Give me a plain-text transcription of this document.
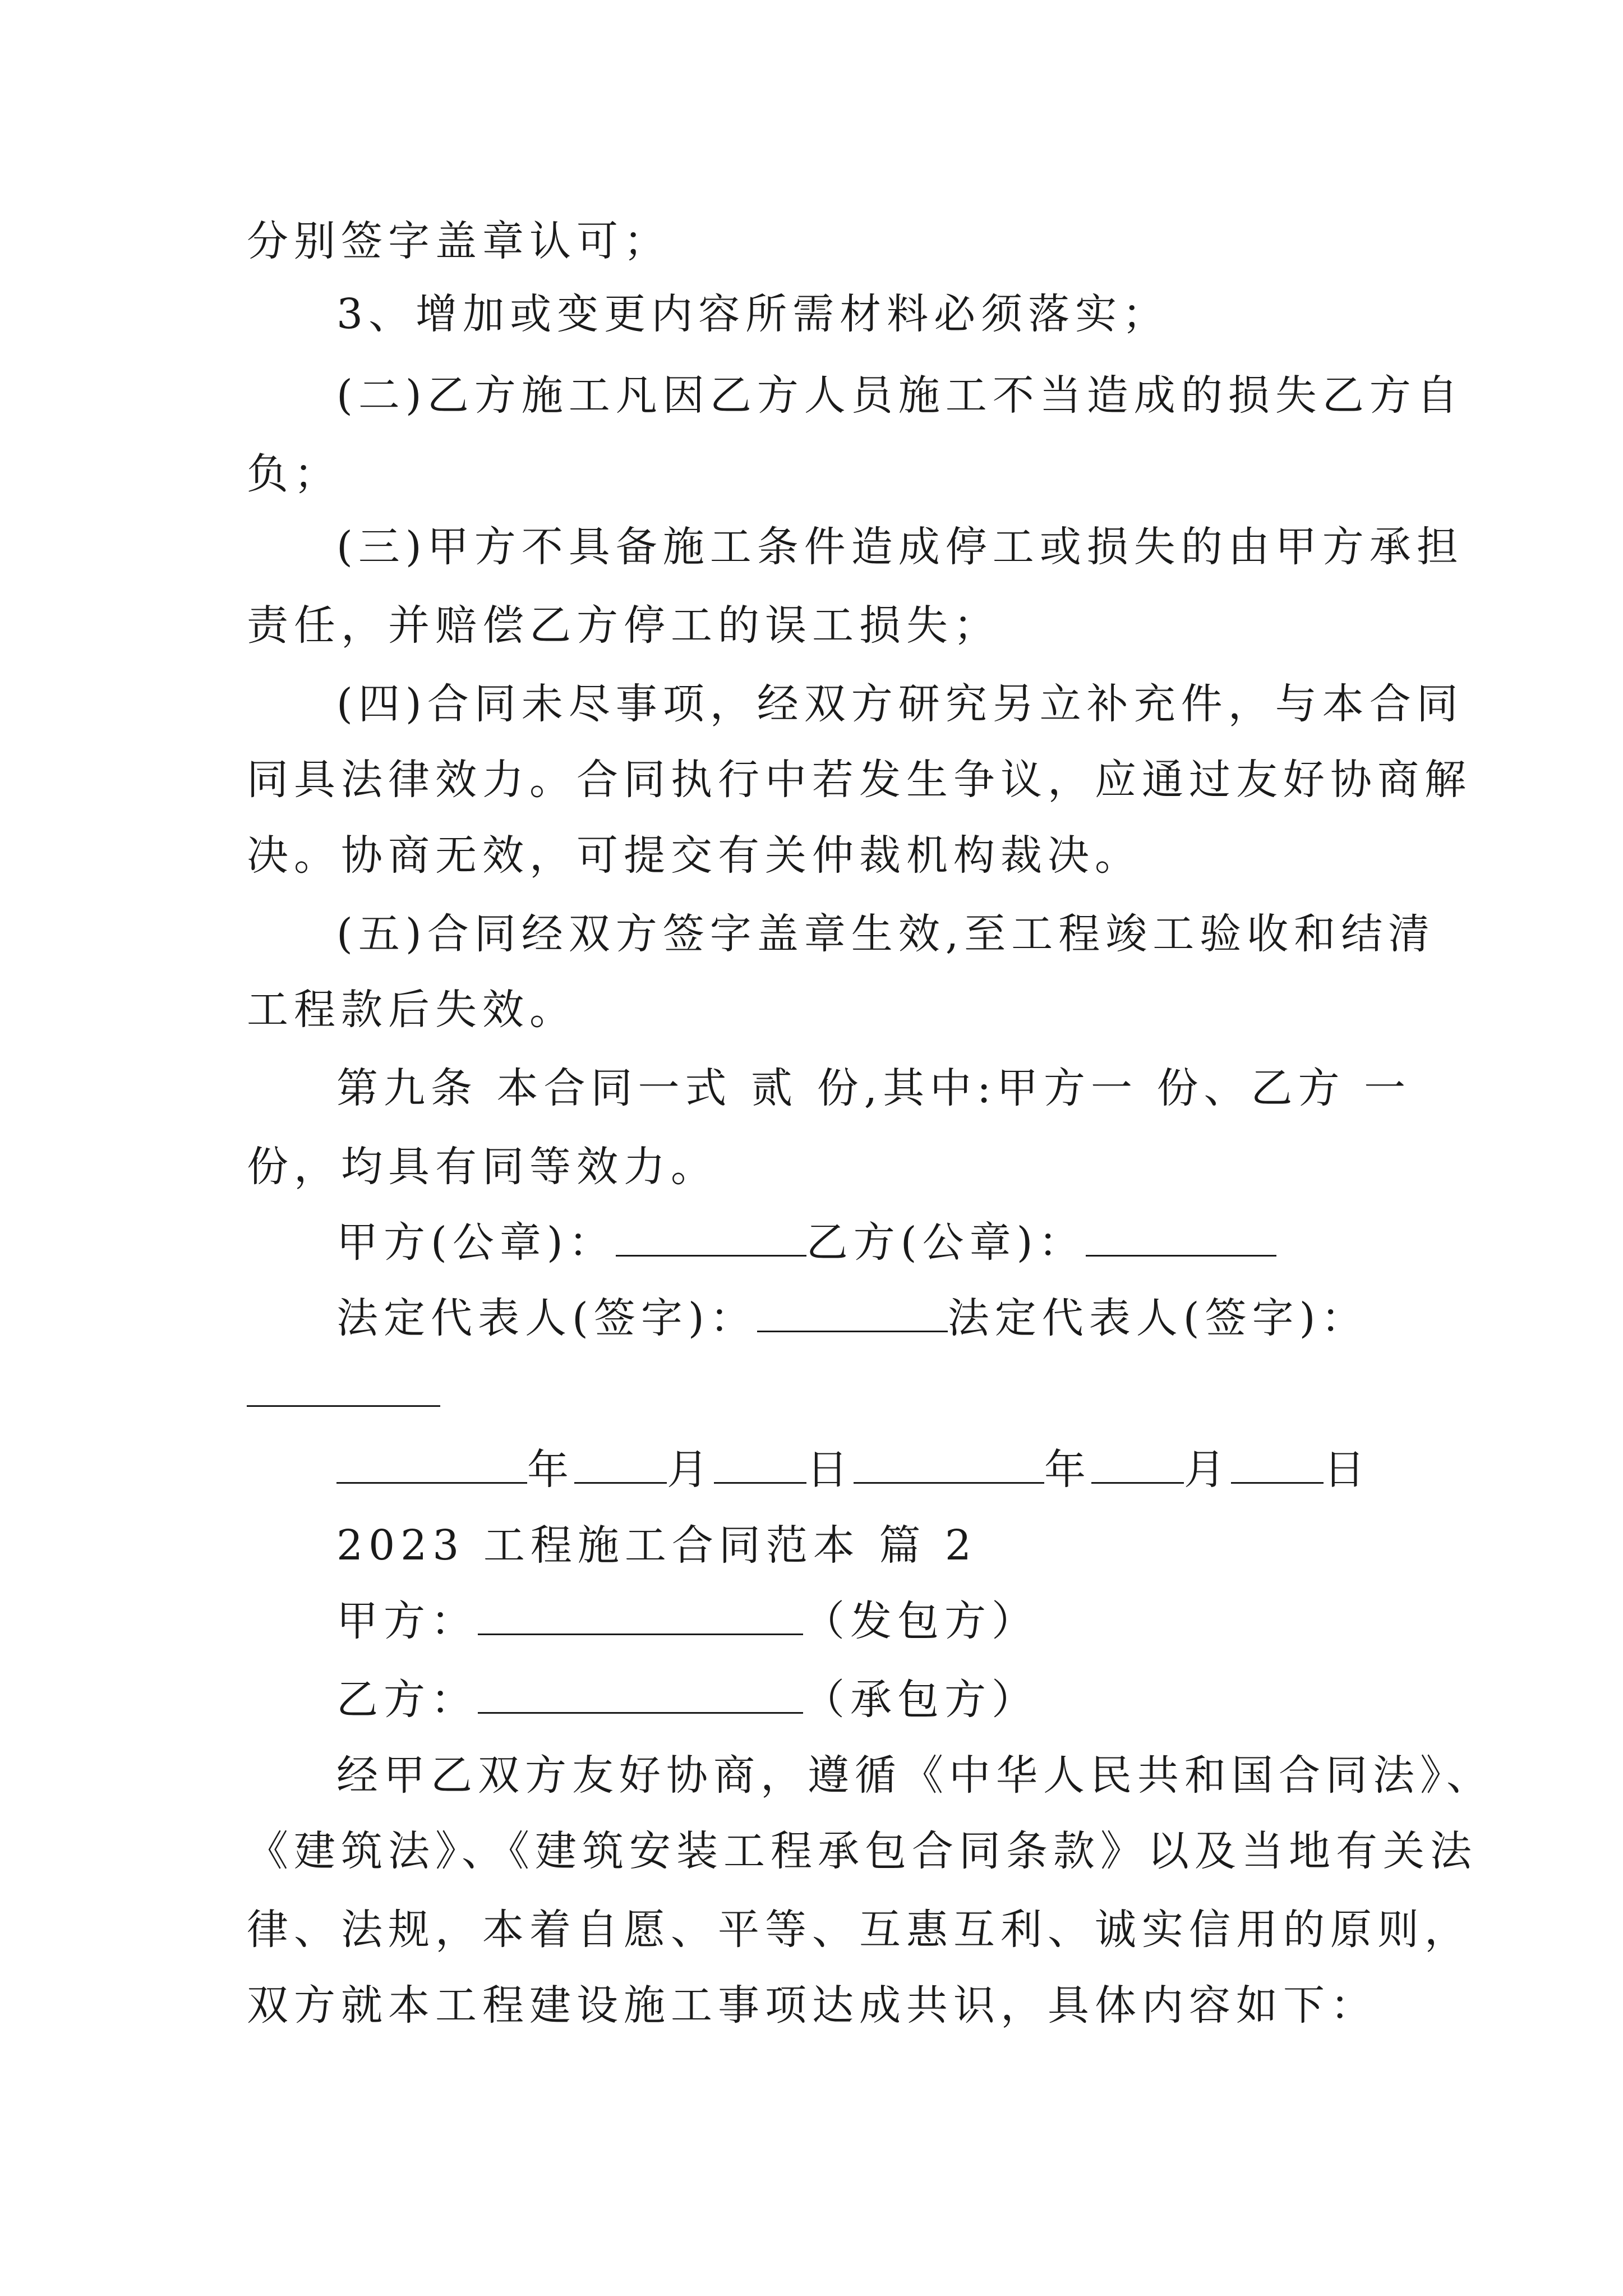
分别签字盖章认可；
3、增加或变更内容所需材料必须落实；
(二)乙方施工凡因乙方人员施工不当造成的损失乙方自
负；
(三)甲方不具备施工条件造成停工或损失的由甲方承担
责任，并赔偿乙方停工的误工损失；
(四)合同未尽事项，经双方研究另立补充件，与本合同
同具法律效力。合同执行中若发生争议，应通过友好协商解
决。协商无效，可提交有关仲裁机构裁决。
(五)合同经双方签字盖章生效,至工程竣工验收和结清
工程款后失效。
第九条 本合同一式 贰 份,其中:甲方一 份、乙方 一
份，均具有同等效力。
甲方(公章)：	乙方(公章)：
法定代表人(签字)：	法定代表人(签字)：
年 月 日	年 月 日
2023 工程施工合同范本 篇 2
甲方：	（发包方）
乙方：	（承包方）
经甲乙双方友好协商，遵循《中华人民共和国合同法》、
《建筑法》、《建筑安装工程承包合同条款》以及当地有关法
律、法规，本着自愿、平等、互惠互利、诚实信用的原则，
双方就本工程建设施工事项达成共识，具体内容如下：
